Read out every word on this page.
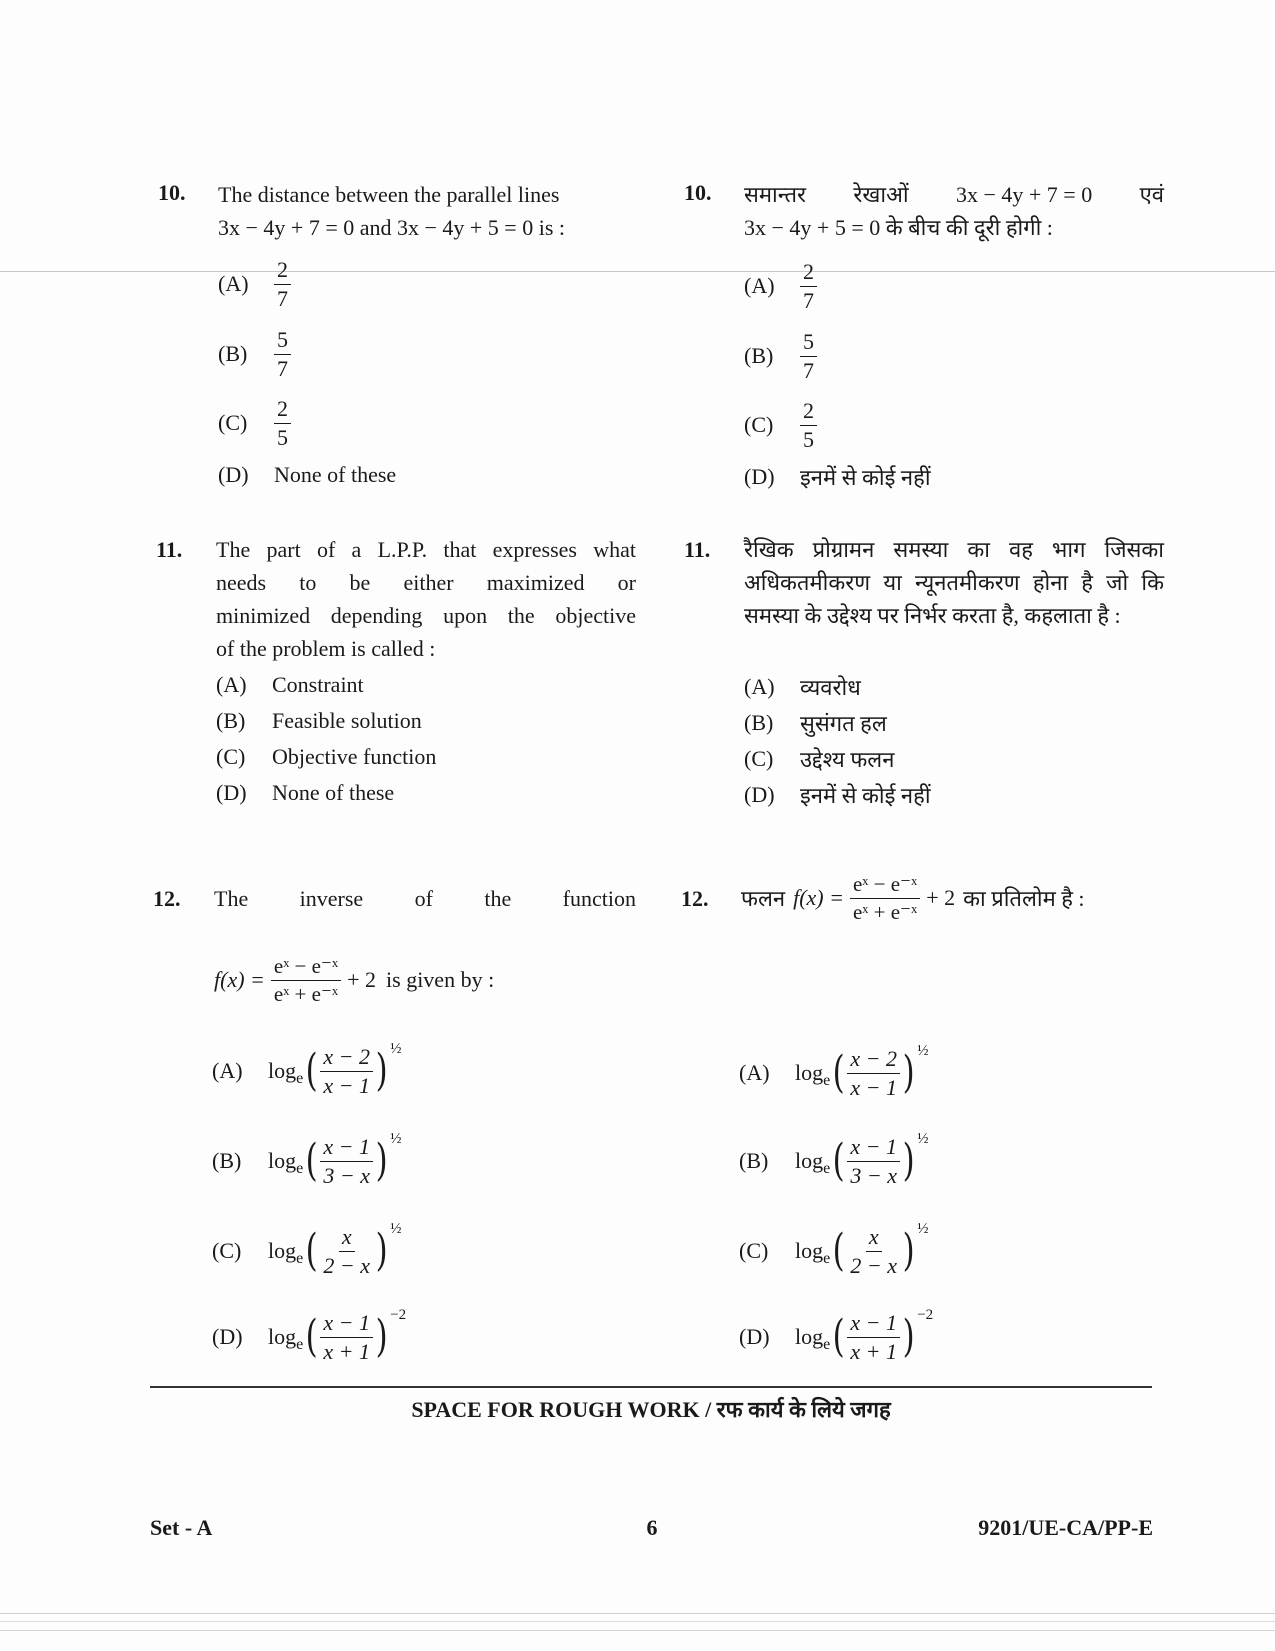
10. The distance between the parallel lines
3x − 4y + 7 = 0 and 3x − 4y + 5 = 0 is :
(A)	$\frac{2}{7}$
(B)	$\frac{5}{7}$
(C)	$\frac{2}{5}$
(D)	None of these
10. समान्तर रेखाओं 3x − 4y + 7 = 0 एवं
3x − 4y + 5 = 0 के बीच की दूरी होगी :
(A)	$\frac{2}{7}$
(B)	$\frac{5}{7}$
(C)	$\frac{2}{5}$
(D)	इनमें से कोई नहीं
11. The part of a L.P.P. that expresses what
needs to be either maximized or
minimized depending upon the objective
of the problem is called :
(A)	Constraint
(B)	Feasible solution
(C)	Objective function
(D)	None of these
11. रैखिक प्रोग्रामन समस्या का वह भाग जिसका
अधिकतमीकरण या न्यूनतमीकरण होना है जो कि
समस्या के उद्देश्य पर निर्भर करता है, कहलाता है :
(A)	व्यवरोध
(B)	सुसंगत हल
(C)	उद्देश्य फलन
(D)	इनमें से कोई नहीं
12. The inverse of the function
$f(x) = \frac{\text{eˣ − e⁻ˣ}}{\text{eˣ + e⁻ˣ}} + 2$ is given by :
(A)	log e ( $\frac{x - 2}{x - 1}$ ) ½
(B)	log e ( $\frac{x - 1}{3 - x}$ ) ½
(C)	log e ( $\frac{x}{2 - x}$ ) ½
(D)	log e ( $\frac{x - 1}{x + 1}$ ) −2
12. फलन $f(x) = \frac{\text{eˣ − e⁻ˣ}}{\text{eˣ + e⁻ˣ}} + 2$ का प्रतिलोम है :
(A)	log e ( $\frac{x - 2}{x - 1}$ ) ½
(B)	log e ( $\frac{x - 1}{3 - x}$ ) ½
(C)	log e ( $\frac{x}{2 - x}$ ) ½
(D)	log e ( $\frac{x - 1}{x + 1}$ ) −2
SPACE FOR ROUGH WORK / रफ कार्य के लिये जगह
Set - A	6	9201/UE-CA/PP-E
